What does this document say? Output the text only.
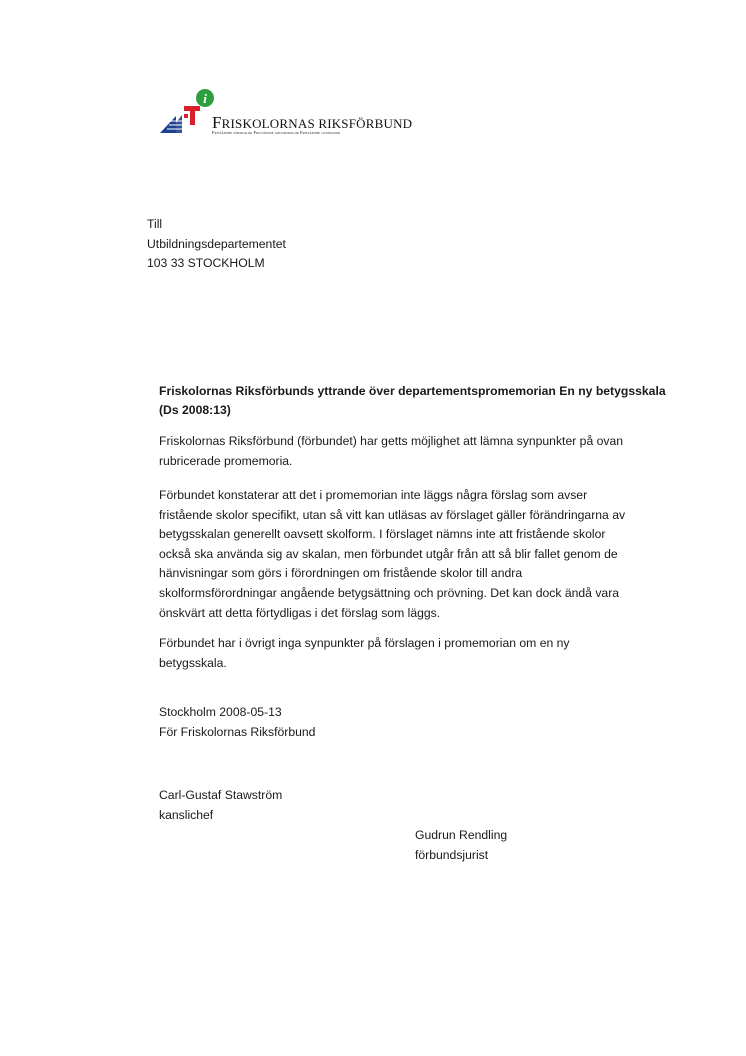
i
FRISKOLORNAS RIKSFÖRBUND
Fristående förskolor Fristående grundskolor Fristående gymnasier
Till
Utbildningsdepartementet
103 33 STOCKHOLM
Friskolornas Riksförbunds yttrande över departementspromemorian En ny betygsskala
(Ds 2008:13)
Friskolornas Riksförbund (förbundet) har getts möjlighet att lämna synpunkter på ovan
rubricerade promemoria.
Förbundet konstaterar att det i promemorian inte läggs några förslag som avser
fristående skolor specifikt, utan så vitt kan utläsas av förslaget gäller förändringarna av
betygsskalan generellt oavsett skolform. I förslaget nämns inte att fristående skolor
också ska använda sig av skalan, men förbundet utgår från att så blir fallet genom de
hänvisningar som görs i förordningen om fristående skolor till andra
skolformsförordningar angående betygsättning och prövning. Det kan dock ändå vara
önskvärt att detta förtydligas i det förslag som läggs.
Förbundet har i övrigt inga synpunkter på förslagen i promemorian om en ny
betygsskala.
Stockholm 2008-05-13
För Friskolornas Riksförbund
Carl-Gustaf Stawström
kanslichef
Gudrun Rendling
förbundsjurist
